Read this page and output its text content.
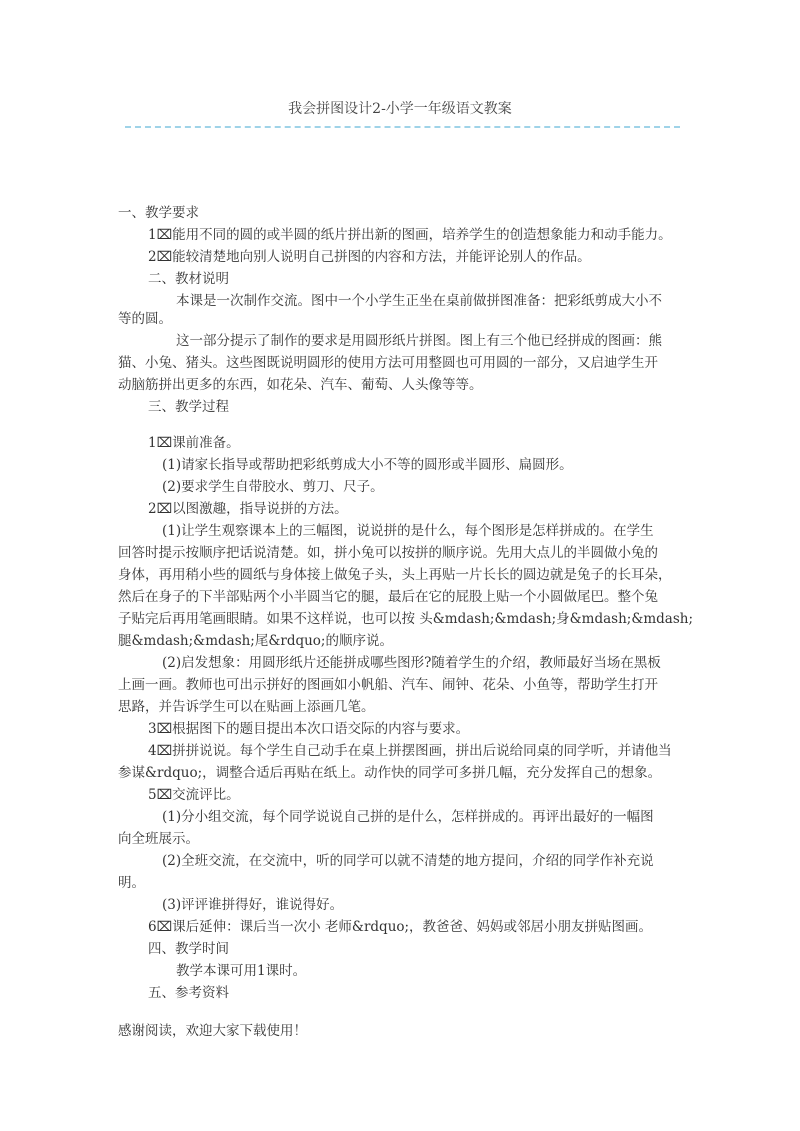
我会拼图设计2-小学一年级语文教案
一、教学要求
1⌧能用不同的圆的或半圆的纸片拼出新的图画，培养学生的创造想象能力和动手能力。
2⌧能较清楚地向别人说明自己拼图的内容和方法，并能评论别人的作品。
二、教材说明
本课是一次制作交流。图中一个小学生正坐在桌前做拼图准备：把彩纸剪成大小不
等的圆。
这一部分提示了制作的要求是用圆形纸片拼图。图上有三个他已经拼成的图画：熊
猫、小兔、猪头。这些图既说明圆形的使用方法可用整圆也可用圆的一部分，又启迪学生开
动脑筋拼出更多的东西，如花朵、汽车、葡萄、人头像等等。
三、教学过程
1⌧课前准备。
(1)请家长指导或帮助把彩纸剪成大小不等的圆形或半圆形、扁圆形。
(2)要求学生自带胶水、剪刀、尺子。
2⌧以图激趣，指导说拼的方法。
(1)让学生观察课本上的三幅图，说说拼的是什么，每个图形是怎样拼成的。在学生
回答时提示按顺序把话说清楚。如，拼小兔可以按拼的顺序说。先用大点儿的半圆做小兔的
身体，再用稍小些的圆纸与身体接上做兔子头，头上再贴一片长长的圆边就是兔子的长耳朵，
然后在身子的下半部贴两个小半圆当它的腿，最后在它的屁股上贴一个小圆做尾巴。整个兔
子贴完后再用笔画眼睛。如果不这样说，也可以按 头&mdash;&mdash;身&mdash;&mdash;
腿&mdash;&mdash;尾&rdquo;的顺序说。
(2)启发想象：用圆形纸片还能拼成哪些图形?随着学生的介绍，教师最好当场在黑板
上画一画。教师也可出示拼好的图画如小帆船、汽车、闹钟、花朵、小鱼等，帮助学生打开
思路，并告诉学生可以在贴画上添画几笔。
3⌧根据图下的题目提出本次口语交际的内容与要求。
4⌧拼拼说说。每个学生自己动手在桌上拼摆图画，拼出后说给同桌的同学听，并请他当
参谋&rdquo;，调整合适后再贴在纸上。动作快的同学可多拼几幅，充分发挥自己的想象。
5⌧交流评比。
(1)分小组交流，每个同学说说自己拼的是什么，怎样拼成的。再评出最好的一幅图
向全班展示。
(2)全班交流，在交流中，听的同学可以就不清楚的地方提问，介绍的同学作补充说
明。
(3)评评谁拼得好，谁说得好。
6⌧课后延伸：课后当一次小 老师&rdquo;，教爸爸、妈妈或邻居小朋友拼贴图画。
四、教学时间
教学本课可用1课时。
五、参考资料
感谢阅读，欢迎大家下载使用！
